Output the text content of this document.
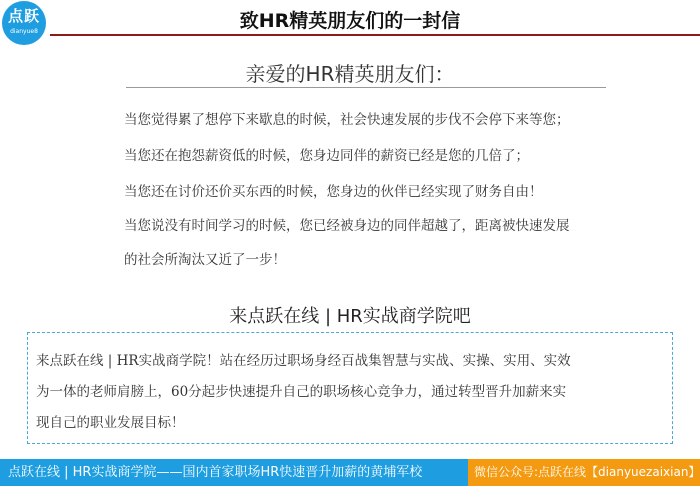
点跃
dianyue8	致HR精英朋友们的一封信
亲爱的HR精英朋友们：
当您觉得累了想停下来歇息的时候，社会快速发展的步伐不会停下来等您；
当您还在抱怨薪资低的时候，您身边同伴的薪资已经是您的几倍了；
当您还在讨价还价买东西的时候，您身边的伙伴已经实现了财务自由！
当您说没有时间学习的时候，您已经被身边的同伴超越了，距离被快速发展
的社会所淘汰又近了一步！
来点跃在线 | HR实战商学院吧
来点跃在线 | HR实战商学院！站在经历过职场身经百战集智慧与实战、实操、实用、实效
为一体的老师肩膀上，60分起步快速提升自己的职场核心竞争力，通过转型晋升加薪来实
现自己的职业发展目标！
点跃在线 | HR实战商学院——国内首家职场HR快速晋升加薪的黄埔军校	微信公众号:点跃在线【dianyuezaixian】
